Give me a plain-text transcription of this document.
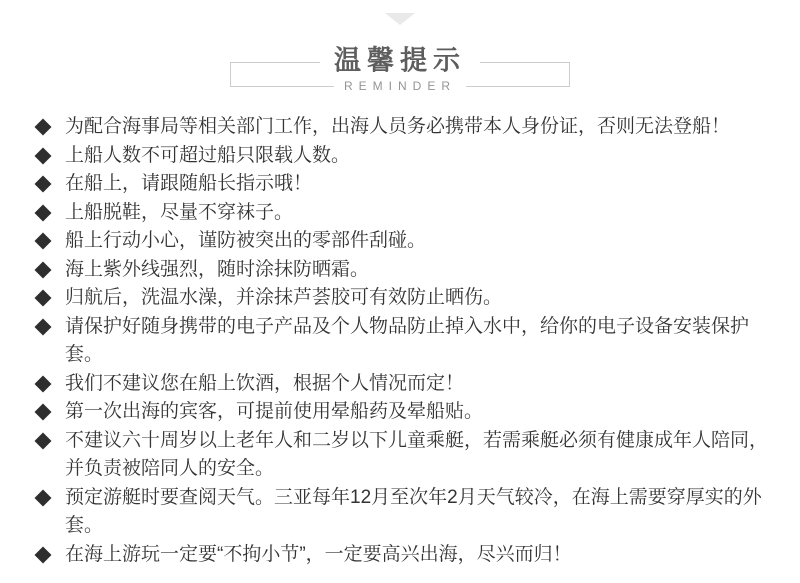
温馨提示
REMINDER
为配合海事局等相关部门工作，出海人员务必携带本人身份证，否则无法登船！
上船人数不可超过船只限载人数。
在船上，请跟随船长指示哦！
上船脱鞋，尽量不穿袜子。
船上行动小心，谨防被突出的零部件刮碰。
海上紫外线强烈，随时涂抹防晒霜。
归航后，洗温水澡，并涂抹芦荟胶可有效防止晒伤。
请保护好随身携带的电子产品及个人物品防止掉入水中，给你的电子设备安装保护套。
我们不建议您在船上饮酒，根据个人情况而定！
第一次出海的宾客，可提前使用晕船药及晕船贴。
不建议六十周岁以上老年人和二岁以下儿童乘艇，若需乘艇必须有健康成年人陪同，并负责被陪同人的安全。
预定游艇时要查阅天气。三亚每年12月至次年2月天气较冷，在海上需要穿厚实的外套。
在海上游玩一定要“不拘小节”，一定要高兴出海，尽兴而归！
